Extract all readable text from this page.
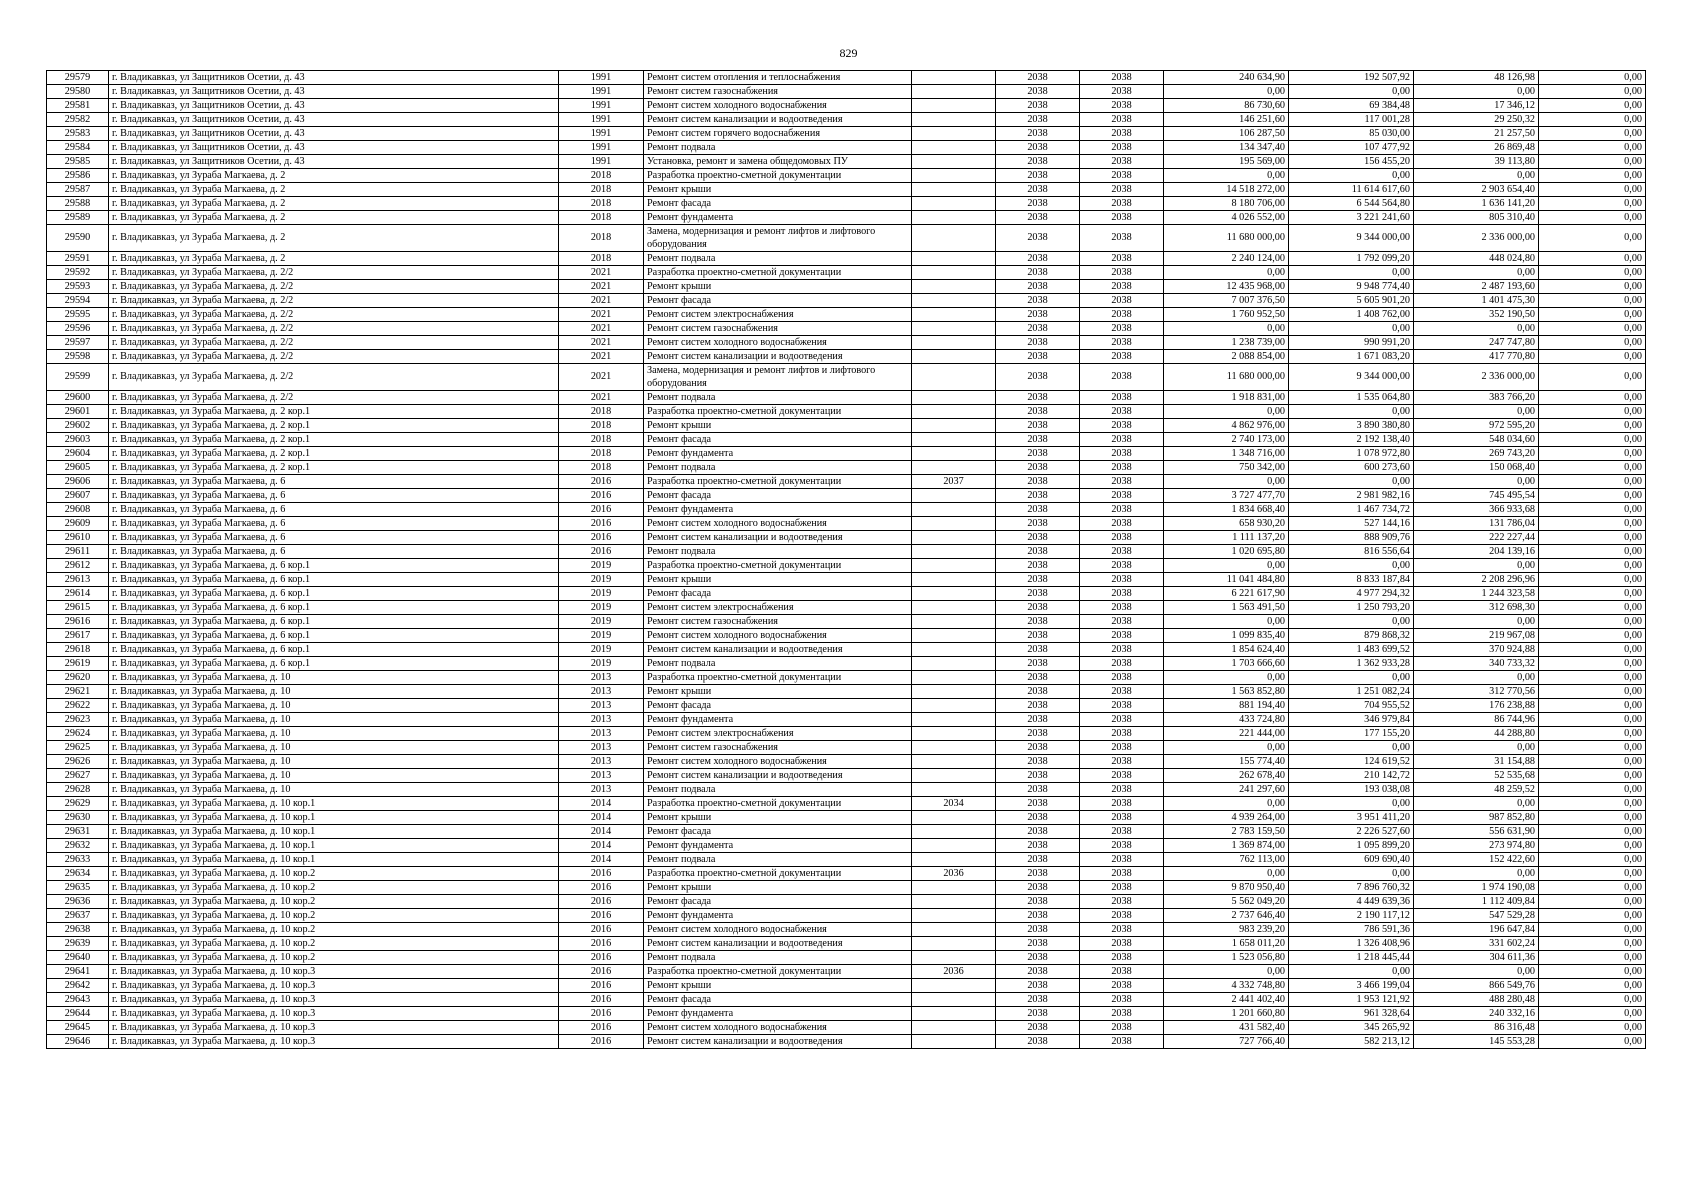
829
29579	г. Владикавказ, ул Защитников Осетии, д. 43	1991	Ремонт систем отопления и теплоснабжения		2038	2038	240 634,90	192 507,92	48 126,98	0,00
29580	г. Владикавказ, ул Защитников Осетии, д. 43	1991	Ремонт систем газоснабжения		2038	2038	0,00	0,00	0,00	0,00
29581	г. Владикавказ, ул Защитников Осетии, д. 43	1991	Ремонт систем холодного водоснабжения		2038	2038	86 730,60	69 384,48	17 346,12	0,00
29582	г. Владикавказ, ул Защитников Осетии, д. 43	1991	Ремонт систем канализации и водоотведения		2038	2038	146 251,60	117 001,28	29 250,32	0,00
29583	г. Владикавказ, ул Защитников Осетии, д. 43	1991	Ремонт систем горячего водоснабжения		2038	2038	106 287,50	85 030,00	21 257,50	0,00
29584	г. Владикавказ, ул Защитников Осетии, д. 43	1991	Ремонт подвала		2038	2038	134 347,40	107 477,92	26 869,48	0,00
29585	г. Владикавказ, ул Защитников Осетии, д. 43	1991	Установка, ремонт и замена общедомовых ПУ		2038	2038	195 569,00	156 455,20	39 113,80	0,00
29586	г. Владикавказ, ул Зураба Магкаева, д. 2	2018	Разработка проектно-сметной документации		2038	2038	0,00	0,00	0,00	0,00
29587	г. Владикавказ, ул Зураба Магкаева, д. 2	2018	Ремонт крыши		2038	2038	14 518 272,00	11 614 617,60	2 903 654,40	0,00
29588	г. Владикавказ, ул Зураба Магкаева, д. 2	2018	Ремонт фасада		2038	2038	8 180 706,00	6 544 564,80	1 636 141,20	0,00
29589	г. Владикавказ, ул Зураба Магкаева, д. 2	2018	Ремонт фундамента		2038	2038	4 026 552,00	3 221 241,60	805 310,40	0,00
29590	г. Владикавказ, ул Зураба Магкаева, д. 2	2018	Замена, модернизация и ремонт лифтов и лифтового оборудования		2038	2038	11 680 000,00	9 344 000,00	2 336 000,00	0,00
29591	г. Владикавказ, ул Зураба Магкаева, д. 2	2018	Ремонт подвала		2038	2038	2 240 124,00	1 792 099,20	448 024,80	0,00
29592	г. Владикавказ, ул Зураба Магкаева, д. 2/2	2021	Разработка проектно-сметной документации		2038	2038	0,00	0,00	0,00	0,00
29593	г. Владикавказ, ул Зураба Магкаева, д. 2/2	2021	Ремонт крыши		2038	2038	12 435 968,00	9 948 774,40	2 487 193,60	0,00
29594	г. Владикавказ, ул Зураба Магкаева, д. 2/2	2021	Ремонт фасада		2038	2038	7 007 376,50	5 605 901,20	1 401 475,30	0,00
29595	г. Владикавказ, ул Зураба Магкаева, д. 2/2	2021	Ремонт систем электроснабжения		2038	2038	1 760 952,50	1 408 762,00	352 190,50	0,00
29596	г. Владикавказ, ул Зураба Магкаева, д. 2/2	2021	Ремонт систем газоснабжения		2038	2038	0,00	0,00	0,00	0,00
29597	г. Владикавказ, ул Зураба Магкаева, д. 2/2	2021	Ремонт систем холодного водоснабжения		2038	2038	1 238 739,00	990 991,20	247 747,80	0,00
29598	г. Владикавказ, ул Зураба Магкаева, д. 2/2	2021	Ремонт систем канализации и водоотведения		2038	2038	2 088 854,00	1 671 083,20	417 770,80	0,00
29599	г. Владикавказ, ул Зураба Магкаева, д. 2/2	2021	Замена, модернизация и ремонт лифтов и лифтового оборудования		2038	2038	11 680 000,00	9 344 000,00	2 336 000,00	0,00
29600	г. Владикавказ, ул Зураба Магкаева, д. 2/2	2021	Ремонт подвала		2038	2038	1 918 831,00	1 535 064,80	383 766,20	0,00
29601	г. Владикавказ, ул Зураба Магкаева, д. 2 кор.1	2018	Разработка проектно-сметной документации		2038	2038	0,00	0,00	0,00	0,00
29602	г. Владикавказ, ул Зураба Магкаева, д. 2 кор.1	2018	Ремонт крыши		2038	2038	4 862 976,00	3 890 380,80	972 595,20	0,00
29603	г. Владикавказ, ул Зураба Магкаева, д. 2 кор.1	2018	Ремонт фасада		2038	2038	2 740 173,00	2 192 138,40	548 034,60	0,00
29604	г. Владикавказ, ул Зураба Магкаева, д. 2 кор.1	2018	Ремонт фундамента		2038	2038	1 348 716,00	1 078 972,80	269 743,20	0,00
29605	г. Владикавказ, ул Зураба Магкаева, д. 2 кор.1	2018	Ремонт подвала		2038	2038	750 342,00	600 273,60	150 068,40	0,00
29606	г. Владикавказ, ул Зураба Магкаева, д. 6	2016	Разработка проектно-сметной документации	2037	2038	2038	0,00	0,00	0,00	0,00
29607	г. Владикавказ, ул Зураба Магкаева, д. 6	2016	Ремонт фасада		2038	2038	3 727 477,70	2 981 982,16	745 495,54	0,00
29608	г. Владикавказ, ул Зураба Магкаева, д. 6	2016	Ремонт фундамента		2038	2038	1 834 668,40	1 467 734,72	366 933,68	0,00
29609	г. Владикавказ, ул Зураба Магкаева, д. 6	2016	Ремонт систем холодного водоснабжения		2038	2038	658 930,20	527 144,16	131 786,04	0,00
29610	г. Владикавказ, ул Зураба Магкаева, д. 6	2016	Ремонт систем канализации и водоотведения		2038	2038	1 111 137,20	888 909,76	222 227,44	0,00
29611	г. Владикавказ, ул Зураба Магкаева, д. 6	2016	Ремонт подвала		2038	2038	1 020 695,80	816 556,64	204 139,16	0,00
29612	г. Владикавказ, ул Зураба Магкаева, д. 6 кор.1	2019	Разработка проектно-сметной документации		2038	2038	0,00	0,00	0,00	0,00
29613	г. Владикавказ, ул Зураба Магкаева, д. 6 кор.1	2019	Ремонт крыши		2038	2038	11 041 484,80	8 833 187,84	2 208 296,96	0,00
29614	г. Владикавказ, ул Зураба Магкаева, д. 6 кор.1	2019	Ремонт фасада		2038	2038	6 221 617,90	4 977 294,32	1 244 323,58	0,00
29615	г. Владикавказ, ул Зураба Магкаева, д. 6 кор.1	2019	Ремонт систем электроснабжения		2038	2038	1 563 491,50	1 250 793,20	312 698,30	0,00
29616	г. Владикавказ, ул Зураба Магкаева, д. 6 кор.1	2019	Ремонт систем газоснабжения		2038	2038	0,00	0,00	0,00	0,00
29617	г. Владикавказ, ул Зураба Магкаева, д. 6 кор.1	2019	Ремонт систем холодного водоснабжения		2038	2038	1 099 835,40	879 868,32	219 967,08	0,00
29618	г. Владикавказ, ул Зураба Магкаева, д. 6 кор.1	2019	Ремонт систем канализации и водоотведения		2038	2038	1 854 624,40	1 483 699,52	370 924,88	0,00
29619	г. Владикавказ, ул Зураба Магкаева, д. 6 кор.1	2019	Ремонт подвала		2038	2038	1 703 666,60	1 362 933,28	340 733,32	0,00
29620	г. Владикавказ, ул Зураба Магкаева, д. 10	2013	Разработка проектно-сметной документации		2038	2038	0,00	0,00	0,00	0,00
29621	г. Владикавказ, ул Зураба Магкаева, д. 10	2013	Ремонт крыши		2038	2038	1 563 852,80	1 251 082,24	312 770,56	0,00
29622	г. Владикавказ, ул Зураба Магкаева, д. 10	2013	Ремонт фасада		2038	2038	881 194,40	704 955,52	176 238,88	0,00
29623	г. Владикавказ, ул Зураба Магкаева, д. 10	2013	Ремонт фундамента		2038	2038	433 724,80	346 979,84	86 744,96	0,00
29624	г. Владикавказ, ул Зураба Магкаева, д. 10	2013	Ремонт систем электроснабжения		2038	2038	221 444,00	177 155,20	44 288,80	0,00
29625	г. Владикавказ, ул Зураба Магкаева, д. 10	2013	Ремонт систем газоснабжения		2038	2038	0,00	0,00	0,00	0,00
29626	г. Владикавказ, ул Зураба Магкаева, д. 10	2013	Ремонт систем холодного водоснабжения		2038	2038	155 774,40	124 619,52	31 154,88	0,00
29627	г. Владикавказ, ул Зураба Магкаева, д. 10	2013	Ремонт систем канализации и водоотведения		2038	2038	262 678,40	210 142,72	52 535,68	0,00
29628	г. Владикавказ, ул Зураба Магкаева, д. 10	2013	Ремонт подвала		2038	2038	241 297,60	193 038,08	48 259,52	0,00
29629	г. Владикавказ, ул Зураба Магкаева, д. 10 кор.1	2014	Разработка проектно-сметной документации	2034	2038	2038	0,00	0,00	0,00	0,00
29630	г. Владикавказ, ул Зураба Магкаева, д. 10 кор.1	2014	Ремонт крыши		2038	2038	4 939 264,00	3 951 411,20	987 852,80	0,00
29631	г. Владикавказ, ул Зураба Магкаева, д. 10 кор.1	2014	Ремонт фасада		2038	2038	2 783 159,50	2 226 527,60	556 631,90	0,00
29632	г. Владикавказ, ул Зураба Магкаева, д. 10 кор.1	2014	Ремонт фундамента		2038	2038	1 369 874,00	1 095 899,20	273 974,80	0,00
29633	г. Владикавказ, ул Зураба Магкаева, д. 10 кор.1	2014	Ремонт подвала		2038	2038	762 113,00	609 690,40	152 422,60	0,00
29634	г. Владикавказ, ул Зураба Магкаева, д. 10 кор.2	2016	Разработка проектно-сметной документации	2036	2038	2038	0,00	0,00	0,00	0,00
29635	г. Владикавказ, ул Зураба Магкаева, д. 10 кор.2	2016	Ремонт крыши		2038	2038	9 870 950,40	7 896 760,32	1 974 190,08	0,00
29636	г. Владикавказ, ул Зураба Магкаева, д. 10 кор.2	2016	Ремонт фасада		2038	2038	5 562 049,20	4 449 639,36	1 112 409,84	0,00
29637	г. Владикавказ, ул Зураба Магкаева, д. 10 кор.2	2016	Ремонт фундамента		2038	2038	2 737 646,40	2 190 117,12	547 529,28	0,00
29638	г. Владикавказ, ул Зураба Магкаева, д. 10 кор.2	2016	Ремонт систем холодного водоснабжения		2038	2038	983 239,20	786 591,36	196 647,84	0,00
29639	г. Владикавказ, ул Зураба Магкаева, д. 10 кор.2	2016	Ремонт систем канализации и водоотведения		2038	2038	1 658 011,20	1 326 408,96	331 602,24	0,00
29640	г. Владикавказ, ул Зураба Магкаева, д. 10 кор.2	2016	Ремонт подвала		2038	2038	1 523 056,80	1 218 445,44	304 611,36	0,00
29641	г. Владикавказ, ул Зураба Магкаева, д. 10 кор.3	2016	Разработка проектно-сметной документации	2036	2038	2038	0,00	0,00	0,00	0,00
29642	г. Владикавказ, ул Зураба Магкаева, д. 10 кор.3	2016	Ремонт крыши		2038	2038	4 332 748,80	3 466 199,04	866 549,76	0,00
29643	г. Владикавказ, ул Зураба Магкаева, д. 10 кор.3	2016	Ремонт фасада		2038	2038	2 441 402,40	1 953 121,92	488 280,48	0,00
29644	г. Владикавказ, ул Зураба Магкаева, д. 10 кор.3	2016	Ремонт фундамента		2038	2038	1 201 660,80	961 328,64	240 332,16	0,00
29645	г. Владикавказ, ул Зураба Магкаева, д. 10 кор.3	2016	Ремонт систем холодного водоснабжения		2038	2038	431 582,40	345 265,92	86 316,48	0,00
29646	г. Владикавказ, ул Зураба Магкаева, д. 10 кор.3	2016	Ремонт систем канализации и водоотведения		2038	2038	727 766,40	582 213,12	145 553,28	0,00
